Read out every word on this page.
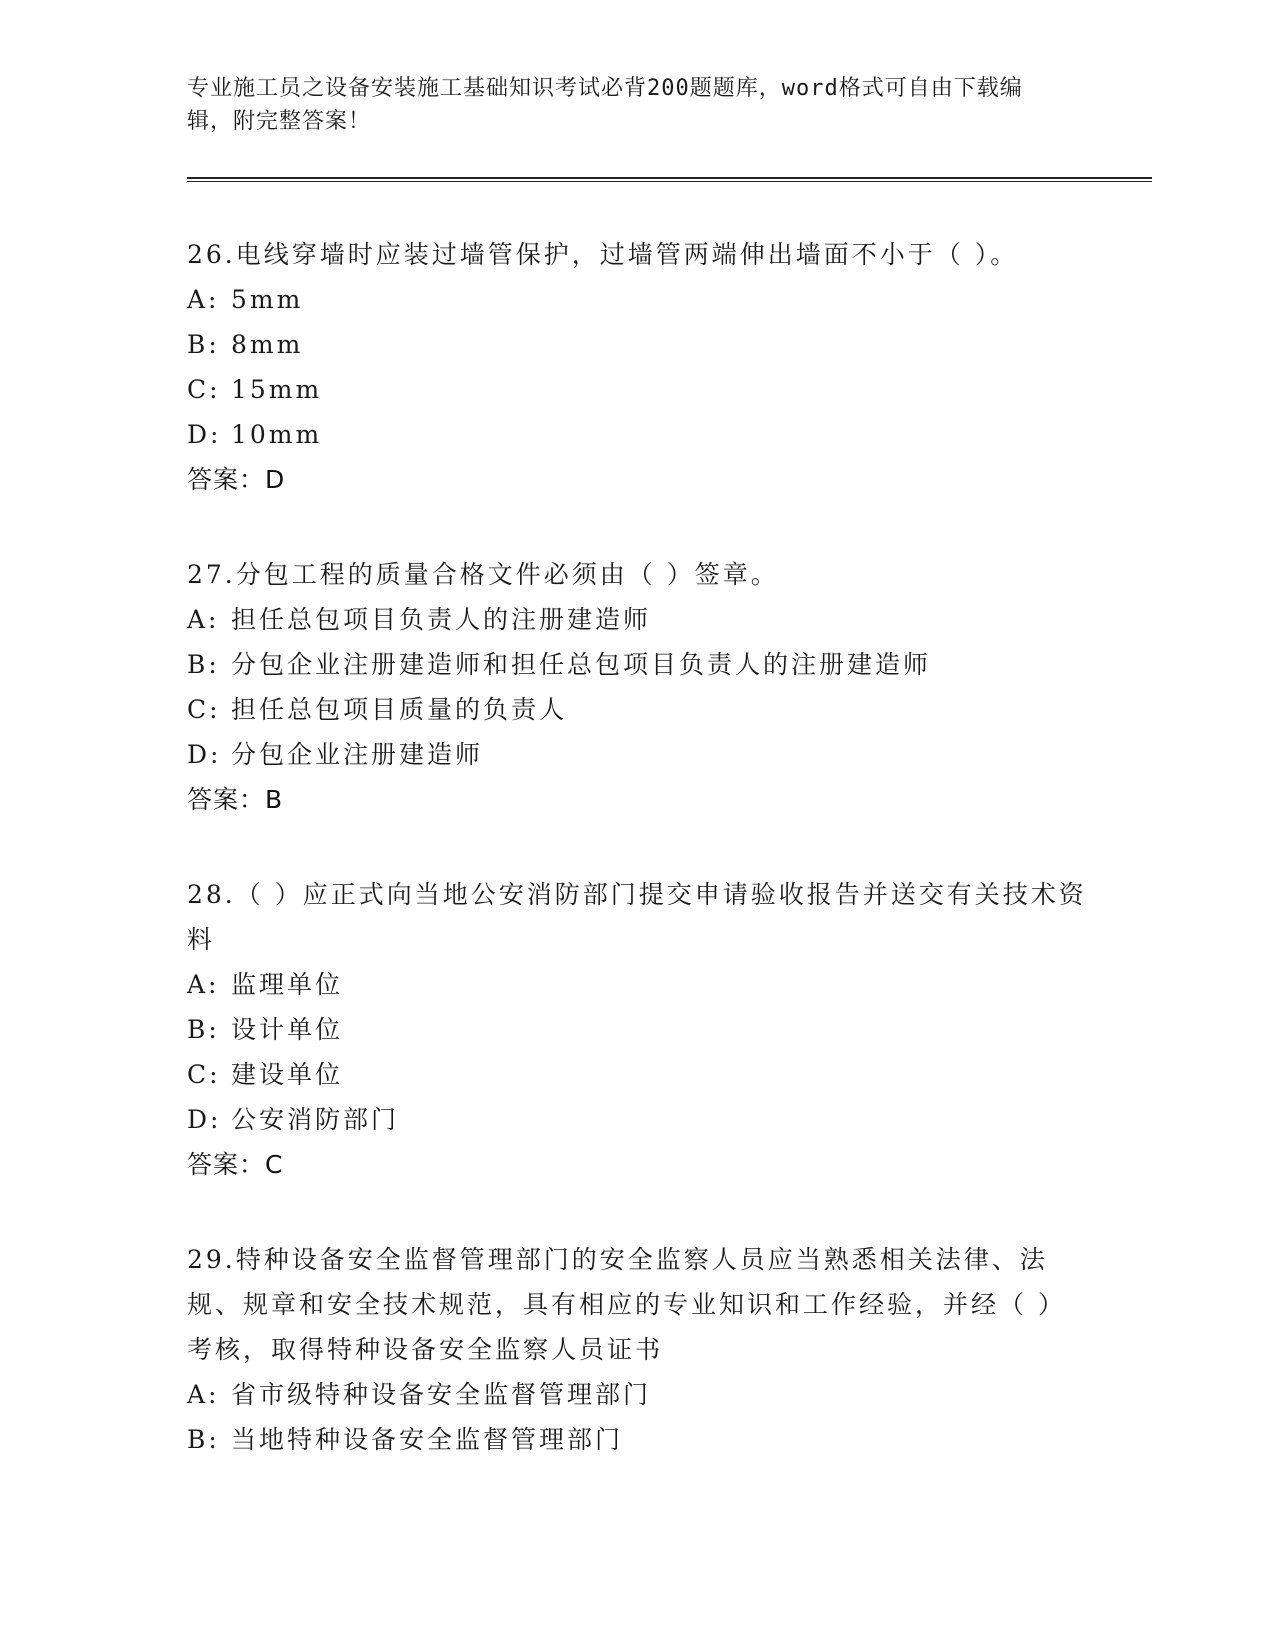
专业施工员之设备安装施工基础知识考试必背200题题库，word格式可自由下载编辑，附完整答案！
26.电线穿墙时应装过墙管保护，过墙管两端伸出墙面不小于（ ）。
A: 5mm
B: 8mm
C: 15mm
D: 10mm
答案：D
27.分包工程的质量合格文件必须由（ ）签章。
A: 担任总包项目负责人的注册建造师
B: 分包企业注册建造师和担任总包项目负责人的注册建造师
C: 担任总包项目质量的负责人
D: 分包企业注册建造师
答案：B
28.（ ）应正式向当地公安消防部门提交申请验收报告并送交有关技术资料
A: 监理单位
B: 设计单位
C: 建设单位
D: 公安消防部门
答案：C
29.特种设备安全监督管理部门的安全监察人员应当熟悉相关法律、法规、规章和安全技术规范，具有相应的专业知识和工作经验，并经（ ）考核，取得特种设备安全监察人员证书
A: 省市级特种设备安全监督管理部门
B: 当地特种设备安全监督管理部门
